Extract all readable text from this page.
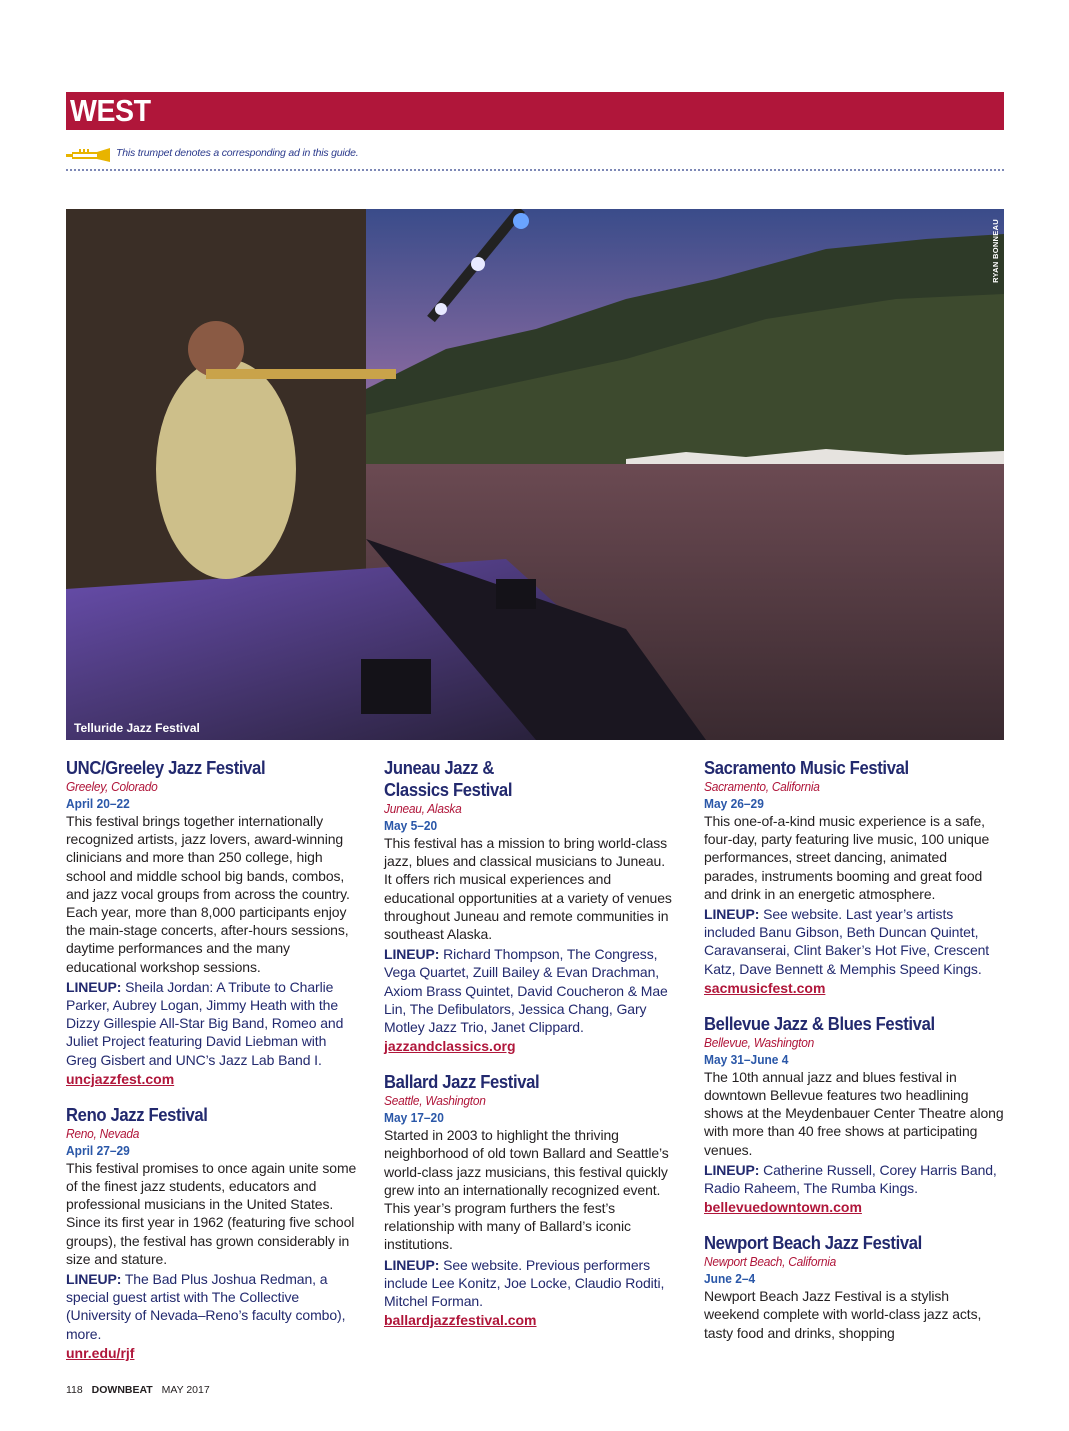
WEST
This trumpet denotes a corresponding ad in this guide.
Telluride Jazz Festival
RYAN BONNEAU
UNC/Greeley Jazz Festival
Greeley, Colorado
April 20–22
This festival brings together internationally recognized artists, jazz lovers, award-winning clinicians and more than 250 college, high school and middle school big bands, combos, and jazz vocal groups from across the country. Each year, more than 8,000 participants enjoy the main-stage concerts, after-hours sessions, daytime performances and the many educational workshop sessions.
LINEUP: Sheila Jordan: A Tribute to Charlie Parker, Aubrey Logan, Jimmy Heath with the Dizzy Gillespie All-Star Big Band, Romeo and Juliet Project featuring David Liebman with Greg Gisbert and UNC’s Jazz Lab Band I.
uncjazzfest.com
Reno Jazz Festival
Reno, Nevada
April 27–29
This festival promises to once again unite some of the finest jazz students, educators and professional musicians in the United States. Since its first year in 1962 (featuring five school groups), the festival has grown considerably in size and stature.
LINEUP: The Bad Plus Joshua Redman, a special guest artist with The Collective (University of Nevada–Reno’s faculty combo), more.
unr.edu/rjf
Juneau Jazz &
Classics Festival
Juneau, Alaska
May 5–20
This festival has a mission to bring world-class jazz, blues and classical musicians to Juneau. It offers rich musical experiences and educational opportunities at a variety of venues throughout Juneau and remote communities in southeast Alaska.
LINEUP: Richard Thompson, The Congress, Vega Quartet, Zuill Bailey & Evan Drachman, Axiom Brass Quintet, David Coucheron & Mae Lin, The Defibulators, Jessica Chang, Gary Motley Jazz Trio, Janet Clippard.
jazzandclassics.org
Ballard Jazz Festival
Seattle, Washington
May 17–20
Started in 2003 to highlight the thriving neighborhood of old town Ballard and Seattle’s world-class jazz musicians, this festival quickly grew into an internationally recognized event. This year’s program furthers the fest’s relationship with many of Ballard’s iconic institutions.
LINEUP: See website. Previous performers include Lee Konitz, Joe Locke, Claudio Roditi, Mitchel Forman.
ballardjazzfestival.com
Sacramento Music Festival
Sacramento, California
May 26–29
This one-of-a-kind music experience is a safe, four-day, party featuring live music, 100 unique performances, street dancing, animated parades, instruments booming and great food and drink in an energetic atmosphere.
LINEUP: See website. Last year’s artists included Banu Gibson, Beth Duncan Quintet, Caravanserai, Clint Baker’s Hot Five, Crescent Katz, Dave Bennett & Memphis Speed Kings.
sacmusicfest.com
Bellevue Jazz & Blues Festival
Bellevue, Washington
May 31–June 4
The 10th annual jazz and blues festival in downtown Bellevue features two headlining shows at the Meydenbauer Center Theatre along with more than 40 free shows at participating venues.
LINEUP: Catherine Russell, Corey Harris Band, Radio Raheem, The Rumba Kings.
bellevuedowntown.com
Newport Beach Jazz Festival
Newport Beach, California
June 2–4
Newport Beach Jazz Festival is a stylish weekend complete with world-class jazz acts, tasty food and drinks, shopping
118 DOWNBEAT MAY 2017
